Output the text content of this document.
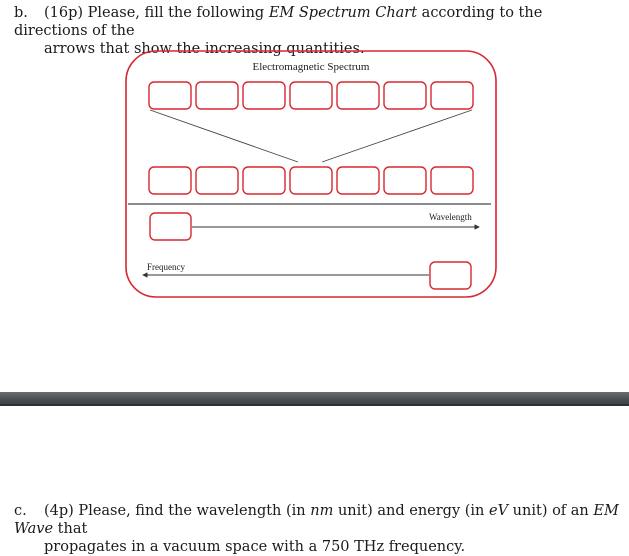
b. (16p) Please, fill the following EM Spectrum Chart according to the directions of the
arrows that show the increasing quantities.
Electromagnetic Spectrum
Wavelength
Frequency
c. (4p) Please, find the wavelength (in nm unit) and energy (in eV unit) of an EM Wave that
propagates in a vacuum space with a 750 THz frequency.
